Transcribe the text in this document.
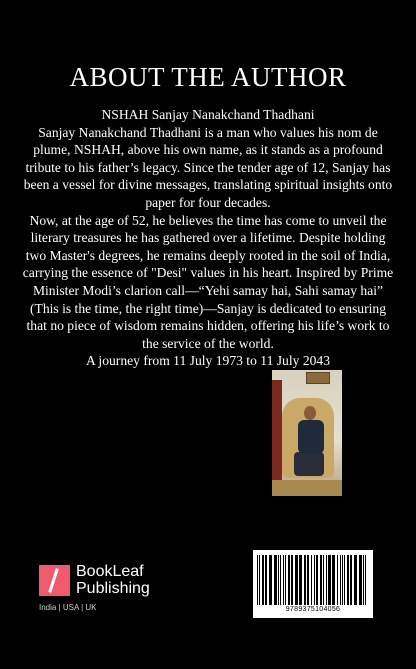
ABOUT THE AUTHOR

NSHAH Sanjay Nanakchand Thadhani

Sanjay Nanakchand Thadhani is a man who values his nom de plume, NSHAH, above his own name, as it stands as a profound tribute to his father’s legacy. Since the tender age of 12, Sanjay has been a vessel for divine messages, translating spiritual insights onto paper for four decades.

Now, at the age of 52, he believes the time has come to unveil the literary treasures he has gathered over a lifetime. Despite holding two Master's degrees, he remains deeply rooted in the soil of India, carrying the essence of "Desi" values in his heart. Inspired by Prime Minister Modi’s clarion call—“Yehi samay hai, Sahi samay hai” (This is the time, the right time)—Sanjay is dedicated to ensuring that no piece of wisdom remains hidden, offering his life’s work to the service of the world.

A journey from 11 July 1973 to 11 July 2043

BookLeaf
Publishing
India | USA | UK	9789375104056
